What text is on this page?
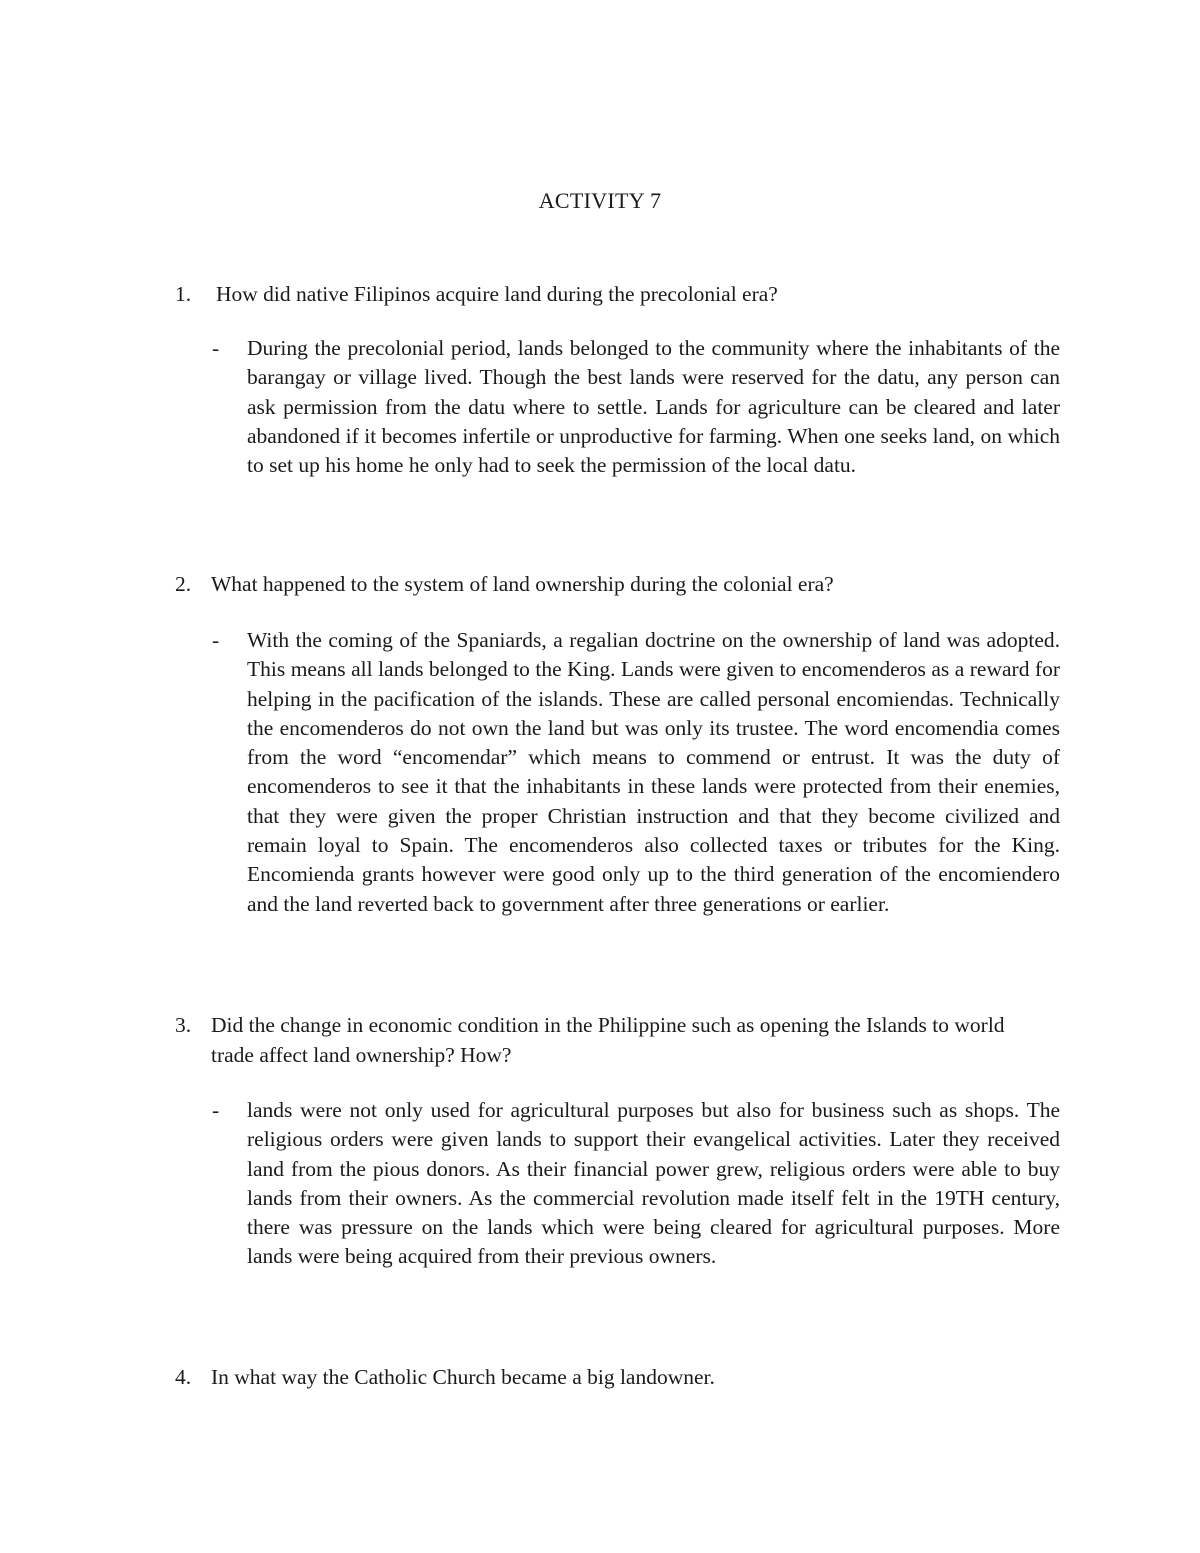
ACTIVITY 7
1.	How did native Filipinos acquire land during the precolonial era?
-	During the precolonial period, lands belonged to the community where the inhabitants of the barangay or village lived. Though the best lands were reserved for the datu, any person can ask permission from the datu where to settle. Lands for agriculture can be cleared and later abandoned if it becomes infertile or unproductive for farming. When one seeks land, on which to set up his home he only had to seek the permission of the local datu.
2. What happened to the system of land ownership during the colonial era?
-	With the coming of the Spaniards, a regalian doctrine on the ownership of land was adopted. This means all lands belonged to the King. Lands were given to encomenderos as a reward for helping in the pacification of the islands. These are called personal encomiendas. Technically the encomenderos do not own the land but was only its trustee. The word encomendia comes from the word “encomendar” which means to commend or entrust. It was the duty of encomenderos to see it that the inhabitants in these lands were protected from their enemies, that they were given the proper Christian instruction and that they become civilized and remain loyal to Spain. The encomenderos also collected taxes or tributes for the King. Encomienda grants however were good only up to the third generation of the encomiendero and the land reverted back to government after three generations or earlier.
3. Did the change in economic condition in the Philippine such as opening the Islands to world trade affect land ownership? How?
-	lands were not only used for agricultural purposes but also for business such as shops. The religious orders were given lands to support their evangelical activities. Later they received land from the pious donors. As their financial power grew, religious orders were able to buy lands from their owners. As the commercial revolution made itself felt in the 19TH century, there was pressure on the lands which were being cleared for agricultural purposes. More lands were being acquired from their previous owners.
4. In what way the Catholic Church became a big landowner.
